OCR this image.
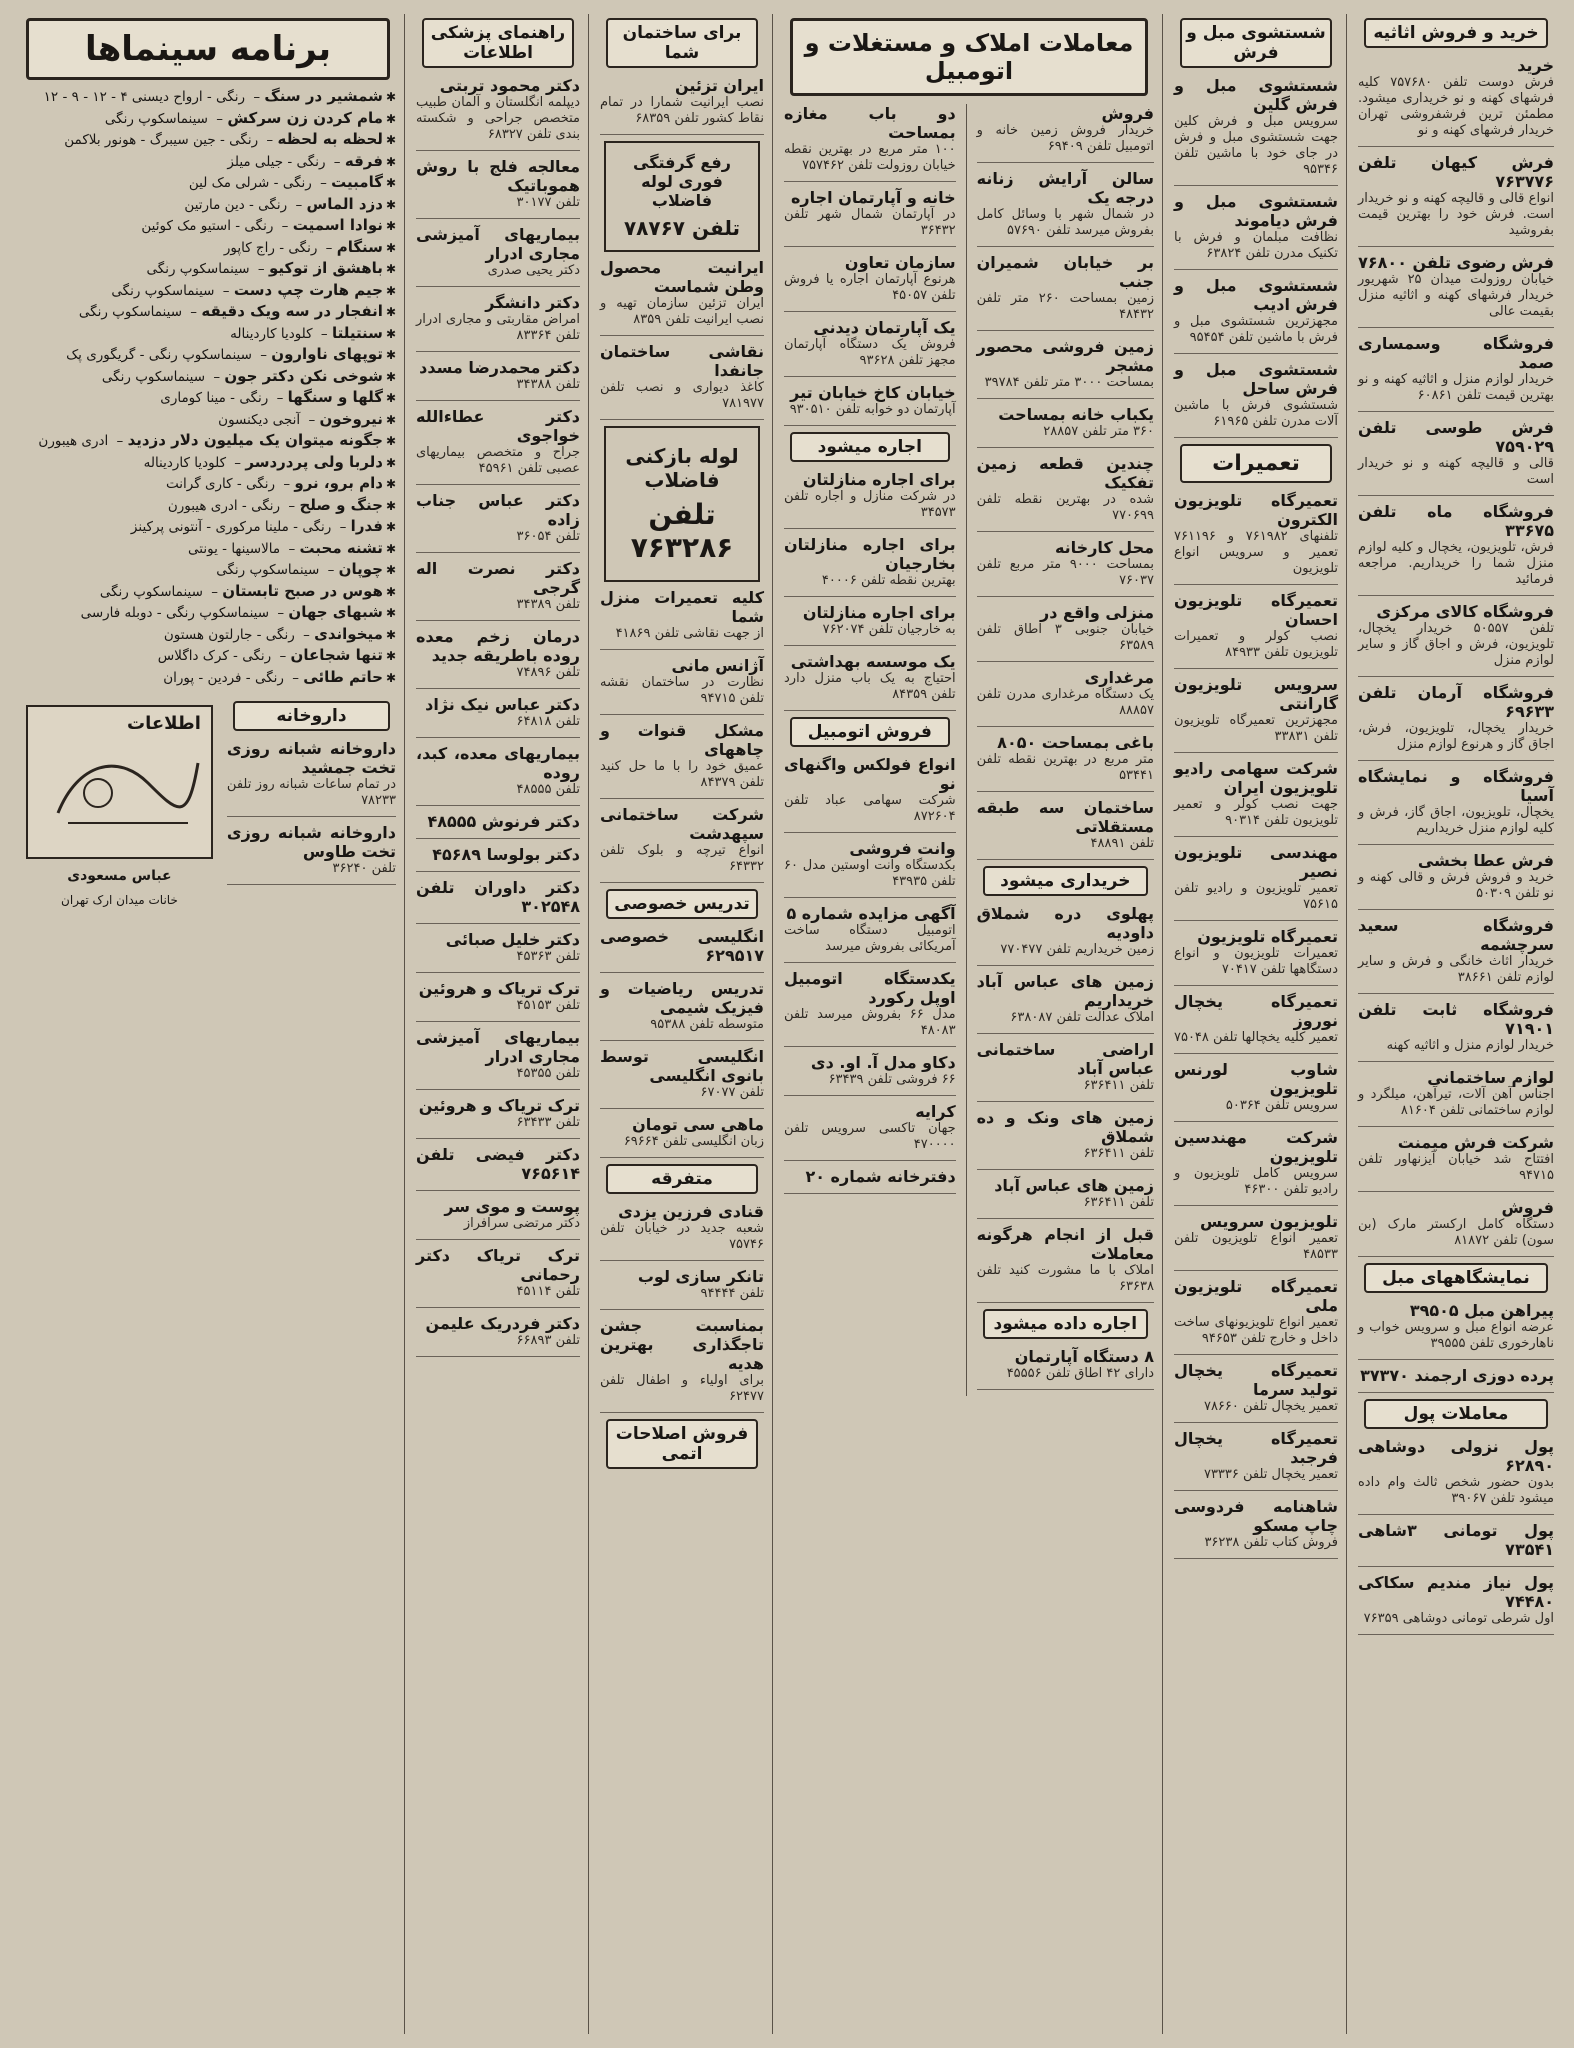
خرید و فروش اثاثیه
خرید
فرش دوست تلفن ۷۵۷۶۸۰ کلیه فرشهای کهنه و نو خریداری میشود. مطمئن ترین فرشفروشی تهران خریدار فرشهای کهنه و نو
فرش کیهان تلفن ۷۶۳۷۷۶
انواع قالی و قالیچه کهنه و نو خریدار است. فرش خود را بهترین قیمت بفروشید
فرش رضوی تلفن ۷۶۸۰۰
خیابان روزولت میدان ۲۵ شهریور خریدار فرشهای کهنه و اثاثیه منزل بقیمت عالی
فروشگاه وسمساری صمد
خریدار لوازم منزل و اثاثیه کهنه و نو بهترین قیمت تلفن ۶۰۸۶۱
فرش طوسی تلفن ۷۵۹۰۲۹
قالی و قالیچه کهنه و نو خریدار است
فروشگاه ماه تلفن ۳۳۶۷۵
فرش، تلویزیون، یخچال و کلیه لوازم منزل شما را خریداریم. مراجعه فرمائید
فروشگاه کالای مرکزی
تلفن ۵۰۵۵۷ خریدار یخچال، تلویزیون، فرش و اجاق گاز و سایر لوازم منزل
فروشگاه آرمان تلفن ۶۹۶۳۳
خریدار یخچال، تلویزیون، فرش، اجاق گاز و هرنوع لوازم منزل
فروشگاه و نمایشگاه آسیا
یخچال، تلویزیون، اجاق گاز، فرش و کلیه لوازم منزل خریداریم
فرش عطا بخشی
خرید و فروش فرش و قالی کهنه و نو تلفن ۵۰۳۰۹
فروشگاه سعید سرچشمه
خریدار اثاث خانگی و فرش و سایر لوازم تلفن ۳۸۶۶۱
فروشگاه ثابت تلفن ۷۱۹۰۱
خریدار لوازم منزل و اثاثیه کهنه
لوازم ساختمانی
اجناس آهن آلات، تیرآهن، میلگرد و لوازم ساختمانی تلفن ۸۱۶۰۴
شرکت فرش میمنت
افتتاح شد خیابان آیزنهاور تلفن ۹۴۷۱۵
فروش
دستگاه کامل ارکستر مارک (بن سون) تلفن ۸۱۸۷۲
نمایشگاههای مبل
پیراهن مبل ۳۹۵۰۵
عرضه انواع مبل و سرویس خواب و ناهارخوری تلفن ۳۹۵۵۵
پرده دوزی ارجمند ۳۷۳۷۰
معاملات پول
پول نزولی دوشاهی ۶۲۸۹۰
بدون حضور شخص ثالث وام داده میشود تلفن ۳۹۰۶۷
پول تومانی ۳شاهی ۷۳۵۴۱
پول نیاز مندیم سکاکی ۷۴۴۸۰
اول شرطی تومانی دوشاهی ۷۶۳۵۹
شستشوی مبل و فرش
شستشوی مبل و فرش گلین
سرویس مبل و فرش کلین جهت شستشوی مبل و فرش در جای خود با ماشین تلفن ۹۵۳۴۶
شستشوی مبل و فرش دیاموند
نظافت مبلمان و فرش با تکنیک مدرن تلفن ۶۳۸۲۴
شستشوی مبل و فرش ادیب
مجهزترین شستشوی مبل و فرش با ماشین تلفن ۹۵۴۵۴
شستشوی مبل و فرش ساحل
شستشوی فرش با ماشین آلات مدرن تلفن ۶۱۹۶۵
تعمیرات
تعمیرگاه تلویزیون الکترون
تلفنهای ۷۶۱۹۸۲ و ۷۶۱۱۹۶ تعمیر و سرویس انواع تلویزیون
تعمیرگاه تلویزیون احسان
نصب کولر و تعمیرات تلویزیون تلفن ۸۴۹۳۳
سرویس تلویزیون گارانتی
مجهزترین تعمیرگاه تلویزیون تلفن ۳۳۸۳۱
شرکت سهامی رادیو تلویزیون ایران
جهت نصب کولر و تعمیر تلویزیون تلفن ۹۰۳۱۴
مهندسی تلویزیون نصیر
تعمیر تلویزیون و رادیو تلفن ۷۵۶۱۵
تعمیرگاه تلویزیون
تعمیرات تلویزیون و انواع دستگاهها تلفن ۷۰۴۱۷
تعمیرگاه یخچال نوروز
تعمیر کلیه یخچالها تلفن ۷۵۰۴۸
شاوب لورنس تلویزیون
سرویس تلفن ۵۰۳۶۴
شرکت مهندسین تلویزیون
سرویس کامل تلویزیون و رادیو تلفن ۴۶۳۰۰
تلویزیون سرویس
تعمیر انواع تلویزیون تلفن ۴۸۵۳۳
تعمیرگاه تلویزیون ملی
تعمیر انواع تلویزیونهای ساخت داخل و خارج تلفن ۹۴۶۵۳
تعمیرگاه یخچال تولید سرما
تعمیر یخچال تلفن ۷۸۶۶۰
تعمیرگاه یخچال فرجبد
تعمیر یخچال تلفن ۷۳۳۳۶
شاهنامه فردوسی چاپ مسکو
فروش کتاب تلفن ۳۶۲۳۸
معاملات املاک و مستغلات و اتومبیل
فروش
خریدار فروش زمین خانه و اتومبیل تلفن ۶۹۴۰۹
سالن آرایش زنانه درجه یک
در شمال شهر با وسائل کامل بفروش میرسد تلفن ۵۷۶۹۰
بر خیابان شمیران جنب
زمین بمساحت ۲۶۰ متر تلفن ۴۸۴۳۲
زمین فروشی محصور مشجر
بمساحت ۳۰۰۰ متر تلفن ۳۹۷۸۴
یکباب خانه بمساحت
۳۶۰ متر تلفن ۲۸۸۵۷
چندین قطعه زمین تفکیک
شده در بهترین نقطه تلفن ۷۷۰۶۹۹
محل کارخانه
بمساحت ۹۰۰۰ متر مربع تلفن ۷۶۰۳۷
منزلی واقع در
خیابان جنوبی ۳ اطاق تلفن ۶۳۵۸۹
مرغداری
یک دستگاه مرغداری مدرن تلفن ۸۸۸۵۷
باغی بمساحت ۸۰۵۰
متر مربع در بهترین نقطه تلفن ۵۳۴۴۱
ساختمان سه طبقه مستقلاتی
تلفن ۴۸۸۹۱
خریداری میشود
پهلوی دره شملاق داودیه
زمین خریداریم تلفن ۷۷۰۴۷۷
زمین های عباس آباد خریداریم
املاک عدالت تلفن ۶۳۸۰۸۷
اراضی ساختمانی عباس آباد
تلفن ۶۳۶۴۱۱
زمین های ونک و ده شملاق
تلفن ۶۳۶۴۱۱
زمین های عباس آباد
تلفن ۶۳۶۴۱۱
قبل از انجام هرگونه معاملات
املاک با ما مشورت کنید تلفن ۶۳۶۳۸
اجاره داده میشود
۸ دستگاه آپارتمان
دارای ۴۲ اطاق تلفن ۴۵۵۵۶
دو باب مغازه بمساحت
۱۰۰ متر مربع در بهترین نقطه خیابان روزولت تلفن ۷۵۷۴۶۲
خانه و آپارتمان اجاره
در آپارتمان شمال شهر تلفن ۳۶۴۳۲
سازمان تعاون
هرنوع آپارتمان اجاره یا فروش تلفن ۴۵۰۵۷
یک آپارتمان دیدنی
فروش یک دستگاه آپارتمان مجهز تلفن ۹۳۶۲۸
خیابان کاخ خیابان تیر
آپارتمان دو خوابه تلفن ۹۳۰۵۱۰
اجاره میشود
برای اجاره منازلتان
در شرکت منازل و اجاره تلفن ۳۴۵۷۳
برای اجاره منازلتان بخارجیان
بهترین نقطه تلفن ۴۰۰۰۶
برای اجاره منازلتان
به خارجیان تلفن ۷۶۲۰۷۴
یک موسسه بهداشتی
احتیاج به یک باب منزل دارد تلفن ۸۴۳۵۹
فروش اتومبیل
انواع فولکس واگنهای نو
شرکت سهامی عباد تلفن ۸۷۲۶۰۴
وانت فروشی
بکدستگاه وانت اوستین مدل ۶۰ تلفن ۴۳۹۳۵
آگهی مزایده شماره ۵
اتومبیل دستگاه ساخت آمریکائی بفروش میرسد
یکدستگاه اتومبیل اوپل رکورد
مدل ۶۶ بفروش میرسد تلفن ۴۸۰۸۳
دکاو مدل آ. او. دی
۶۶ فروشی تلفن ۶۳۴۳۹
کرایه
جهان تاکسی سرویس تلفن ۴۷۰۰۰۰
دفترخانه شماره ۲۰
برای ساختمان شما
ایران تزئین
نصب ایرانیت شمارا در تمام نقاط کشور تلفن ۶۸۳۵۹
رفع گرفتگی فوری لوله فاضلاب
تلفن ۷۸۷۶۷
ایرانیت محصول وطن شماست
ایران تزئین سازمان تهیه و نصب ایرانیت تلفن ۸۳۵۹
نقاشی ساختمان جانفدا
کاغذ دیواری و نصب تلفن ۷۸۱۹۷۷
لوله بازکنی فاضلاب
تلفن ۷۶۳۲۸۶
کلیه تعمیرات منزل شما
از جهت نقاشی تلفن ۴۱۸۶۹
آژانس مانی
نظارت در ساختمان نقشه تلفن ۹۴۷۱۵
مشکل قنوات و چاههای
عمیق خود را با ما حل کنید تلفن ۸۴۳۷۹
شرکت ساختمانی سپهدشت
انواع تیرچه و بلوک تلفن ۶۴۳۳۲
تدریس خصوصی
انگلیسی خصوصی ۶۲۹۵۱۷
تدریس ریاضیات و فیزیک شیمی
متوسطه تلفن ۹۵۳۸۸
انگلیسی توسط بانوی انگلیسی
تلفن ۶۷۰۷۷
ماهی سی تومان
زبان انگلیسی تلفن ۶۹۶۶۴
متفرقه
قنادی فرزین یزدی
شعبه جدید در خیابان تلفن ۷۵۷۴۶
تانکر سازی لوب
تلفن ۹۴۴۴۴
بمناسبت جشن تاجگذاری بهترین هدیه
برای اولیاء و اطفال تلفن ۶۲۴۷۷
فروش اصلاحات اتمی
راهنمای پزشکی اطلاعات
دکتر محمود تربتی
دیپلمه انگلستان و آلمان طبیب متخصص جراحی و شکسته بندی تلفن ۶۸۳۲۷
معالجه فلج با روش هموباتیک
تلفن ۳۰۱۷۷
بیماریهای آمیزشی مجاری ادرار
دکتر یحیی صدری
دکتر دانشگر
امراض مقاربتی و مجاری ادرار تلفن ۸۳۳۶۴
دکتر محمدرضا مسدد
تلفن ۳۴۳۸۸
دکتر عطاءالله خواجوی
جراح و متخصص بیماریهای عصبی تلفن ۴۵۹۶۱
دکتر عباس جناب زاده
تلفن ۳۶۰۵۴
دکتر نصرت اله گرجی
تلفن ۳۴۳۸۹
درمان زخم معده روده باطریقه جدید
تلفن ۷۴۸۹۶
دکتر عباس نیک نژاد
تلفن ۶۴۸۱۸
بیماریهای معده، کبد، روده
تلفن ۴۸۵۵۵
دکتر فرنوش ۴۸۵۵۵
دکتر بولوسا ۴۵۶۸۹
دکتر داوران تلفن ۳۰۲۵۴۸
دکتر خلیل صبائی
تلفن ۴۵۳۶۳
ترک تریاک و هروئین
تلفن ۴۵۱۵۳
بیماریهای آمیزشی مجاری ادرار
تلفن ۴۵۳۵۵
ترک تریاک و هروئین
تلفن ۶۳۴۳۳
دکتر فیضی تلفن ۷۶۵۶۱۴
پوست و موی سر
دکتر مرتضی سرافراز
ترک تریاک دکتر رحمانی
تلفن ۴۵۱۱۴
دکتر فردریک علیمن
تلفن ۶۶۸۹۳
برنامه سینماها
✱شمشیر در سنگ – رنگی - ارواح دیسنی ۴ - ۱۲ - ۹ - ۱۲
✱مام کردن زن سرکش – سینماسکوپ رنگی
✱لحظه به لحظه – رنگی - جین سیبرگ - هونور بلاکمن
✱فرقه – رنگی - جیلی میلز
✱گامبیت – رنگی - شرلی مک لین
✱دزد الماس – رنگی - دین مارتین
✱نوادا اسمیت – رنگی - استیو مک کوئین
✱سنگام – رنگی - راج کاپور
✱باهشق از توکیو – سینماسکوپ رنگی
✱جیم هارت چپ دست – سینماسکوپ رنگی
✱انفجار در سه ویک دقیقه – سینماسکوپ رنگی
✱سنتیلتا – کلودیا کاردیناله
✱توپهای ناوارون – سینماسکوپ رنگی - گریگوری پک
✱شوخی نکن دکتر جون – سینماسکوپ رنگی
✱گلها و سنگها – رنگی - مینا کوماری
✱نیروخون – آنجی دیکنسون
✱جگونه میتوان یک میلیون دلار دزدید – ادری هیبورن
✱دلربا ولی پردردسر – کلودیا کاردیناله
✱دام برو، نرو – رنگی - کاری گرانت
✱جنگ و صلح – رنگی - ادری هیبورن
✱فدرا – رنگی - ملینا مرکوری - آنتونی پرکینز
✱تشنه محبت – مالاسینها - یونتی
✱چوپان – سینماسکوپ رنگی
✱هوس در صبح تابستان – سینماسکوپ رنگی
✱شبهای جهان – سینماسکوپ رنگی - دوبله فارسی
✱میخواندی – رنگی - جارلتون هستون
✱تنها شجاعان – رنگی - کرک داگلاس
✱حاتم طائی – رنگی - فردین - پوران
داروخانه
داروخانه شبانه روزی تخت جمشید
در تمام ساعات شبانه روز تلفن ۷۸۲۳۳
داروخانه شبانه روزی تخت طاوس
تلفن ۳۶۲۴۰
اطلاعات
عباس مسعودی
خانات میدان ارک تهران
